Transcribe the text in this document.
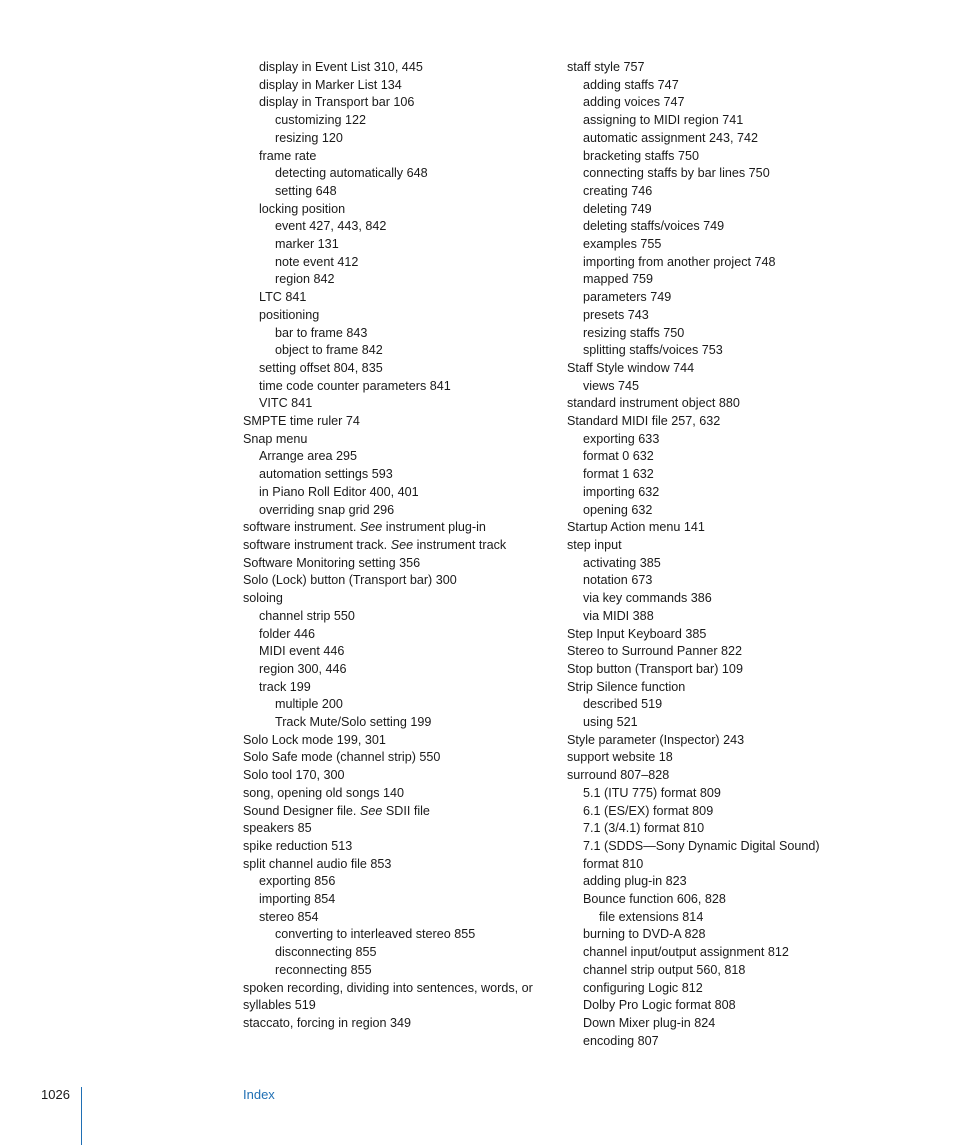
display in Event List 310, 445

display in Marker List 134

display in Transport bar 106

customizing 122

resizing 120

frame rate

detecting automatically 648

setting 648

locking position

event 427, 443, 842

marker 131

note event 412

region 842

LTC 841

positioning

bar to frame 843

object to frame 842

setting offset 804, 835

time code counter parameters 841

VITC 841

SMPTE time ruler 74

Snap menu

Arrange area 295

automation settings 593

in Piano Roll Editor 400, 401

overriding snap grid 296

software instrument. See instrument plug-in

software instrument track. See instrument track

Software Monitoring setting 356

Solo (Lock) button (Transport bar) 300

soloing

channel strip 550

folder 446

MIDI event 446

region 300, 446

track 199

multiple 200

Track Mute/Solo setting 199

Solo Lock mode 199, 301

Solo Safe mode (channel strip) 550

Solo tool 170, 300

song, opening old songs 140

Sound Designer file. See SDII file

speakers 85

spike reduction 513

split channel audio file 853

exporting 856

importing 854

stereo 854

converting to interleaved stereo 855

disconnecting 855

reconnecting 855

spoken recording, dividing into sentences, words, or

syllables 519

staccato, forcing in region 349

staff style 757

adding staffs 747

adding voices 747

assigning to MIDI region 741

automatic assignment 243, 742

bracketing staffs 750

connecting staffs by bar lines 750

creating 746

deleting 749

deleting staffs/voices 749

examples 755

importing from another project 748

mapped 759

parameters 749

presets 743

resizing staffs 750

splitting staffs/voices 753

Staff Style window 744

views 745

standard instrument object 880

Standard MIDI file 257, 632

exporting 633

format 0 632

format 1 632

importing 632

opening 632

Startup Action menu 141

step input

activating 385

notation 673

via key commands 386

via MIDI 388

Step Input Keyboard 385

Stereo to Surround Panner 822

Stop button (Transport bar) 109

Strip Silence function

described 519

using 521

Style parameter (Inspector) 243

support website 18

surround 807–828

5.1 (ITU 775) format 809

6.1 (ES/EX) format 809

7.1 (3/4.1) format 810

7.1 (SDDS—Sony Dynamic Digital Sound)

format 810

adding plug-in 823

Bounce function 606, 828

file extensions 814

burning to DVD-A 828

channel input/output assignment 812

channel strip output 560, 818

configuring Logic 812

Dolby Pro Logic format 808

Down Mixer plug-in 824

encoding 807

1026	Index
